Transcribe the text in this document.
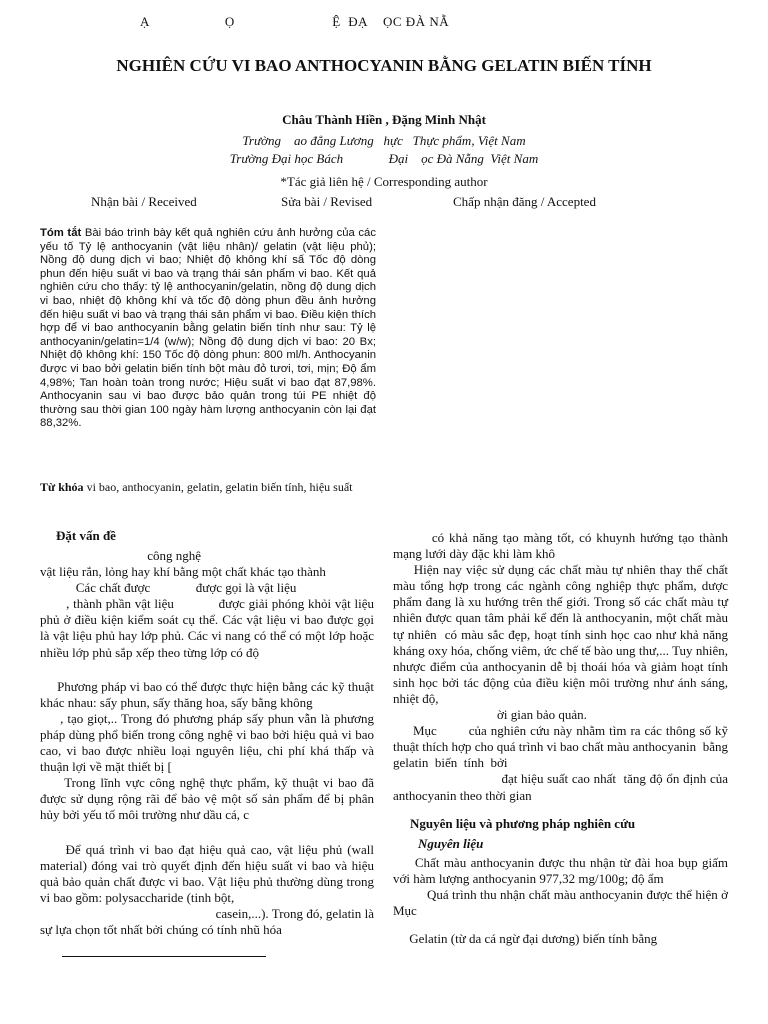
Ạ                    Ọ                          Ệ  ĐẠ    ỌC ĐÀ NẴ
NGHIÊN CỨU VI BAO ANTHOCYANIN BẰNG GELATIN BIẾN TÍNH
Châu Thành Hiền , Đặng Minh Nhật
Trường    ao đẳng Lương   hực   Thực phẩm, Việt Nam
Trường Đại học Bách              Đại    ọc Đà Nẵng  Việt Nam
*Tác giả liên hệ / Corresponding author
Nhận bài / Received	Sửa bài / Revised	Chấp nhận đăng / Accepted
Tóm tắt Bài báo trình bày kết quả nghiên cứu ảnh hưởng của các yếu tố Tỷ lệ anthocyanin (vật liệu nhân)/ gelatin (vật liệu phủ); Nồng độ dung dịch vi bao; Nhiệt độ không khí sấ Tốc độ dòng phun đến hiệu suất vi bao và trạng thái sản phẩm vi bao. Kết quả nghiên cứu cho thấy: tỷ lệ anthocyanin/gelatin, nồng độ dung dịch vi bao, nhiệt độ không khí và tốc độ dòng phun đều ảnh hưởng đến hiệu suất vi bao và trạng thái sản phẩm vi bao. Điều kiện thích hợp để vi bao anthocyanin bằng gelatin biến tính như sau: Tỷ lệ anthocyanin/gelatin=1/4 (w/w); Nồng độ dung dịch vi bao: 20 Bx; Nhiệt độ không khí: 150 Tốc độ dòng phun: 800 ml/h. Anthocyanin được vi bao bởi gelatin biến tính bột màu đỏ tươi, tơi, mịn; Độ ẩm 4,98%; Tan hoàn toàn trong nước; Hiệu suất vi bao đạt 87,98%. Anthocyanin sau vi bao được bảo quản trong túi PE nhiệt độ thường sau thời gian 100 ngày hàm lượng anthocyanin còn lại đạt 88,32%.
Từ khóa vi bao, anthocyanin, gelatin, gelatin biến tính, hiệu suất
Đặt vấn đề

công nghệ
vật liệu rắn, lỏng hay khí bằng một chất khác tạo thành
Các chất được              được gọi là vật liệu
, thành phần vật liệu            được giải phóng khỏi vật liệu phủ ở điều kiện kiểm soát cụ thể. Các vật liệu vi bao được gọi là vật liệu phủ hay lớp phủ. Các vi nang có thể có một lớp hoặc nhiều lớp phủ sắp xếp theo từng lớp có độ

Phương pháp vi bao có thể được thực hiện bằng các kỹ thuật khác nhau: sấy phun, sấy thăng hoa, sấy bằng không
, tạo giọt,.. Trong đó phương pháp sấy phun vẫn là phương pháp dùng phổ biến trong công nghệ vi bao bởi hiệu quả vi bao cao, vi bao được nhiều loại nguyên liệu, chi phí khá thấp và thuận lợi về mặt thiết bị [

Trong lĩnh vực công nghệ thực phẩm, kỹ thuật vi bao đã được sử dụng rộng rãi để bảo vệ một số sản phẩm để bị phân hủy bởi yếu tố môi trường như dầu cá, c

Để quá trình vi bao đạt hiệu quả cao, vật liệu phủ (wall material) đóng vai trò quyết định đến hiệu suất vi bao và hiệu quả bảo quản chất được vi bao. Vật liệu phủ thường dùng trong vi bao gồm: polysaccharide (tinh bột,
casein,...). Trong đó, gelatin là sự lựa chọn tốt nhất bởi chúng có tính nhũ hóa

có khả năng tạo màng tốt, có khuynh hướng tạo thành mạng lưới dày đặc khi làm khô

Hiện nay việc sử dụng các chất màu tự nhiên thay thế chất màu tổng hợp trong các ngành công nghiệp thực phẩm, dược phẩm đang là xu hướng trên thế giới. Trong số các chất màu tự nhiên được quan tâm phải kể đến là anthocyanin, một chất màu tự nhiên  có màu sắc đẹp, hoạt tính sinh học cao như khả năng kháng oxy hóa, chống viêm, ức chế tế bào ung thư,... Tuy nhiên, nhược điểm của anthocyanin dễ bị thoái hóa và giảm hoạt tính sinh học bởi tác động của điều kiện môi trường như ánh sáng, nhiệt độ,
ời gian bảo quản.

Mục        của nghiên cứu này nhằm tìm ra các thông số kỹ thuật thích hợp cho quá trình vi bao chất màu anthocyanin  bằng  gelatin  biến  tính  bởi
đạt hiệu suất cao nhất  tăng độ ổn định của anthocyanin theo thời gian

Nguyên liệu và phương pháp nghiên cứu
Nguyên liệu

Chất màu anthocyanin được thu nhận từ đài hoa bụp giấm với hàm lượng anthocyanin 977,32 mg/100g; độ ẩm
Quá trình thu nhận chất màu anthocyanin được thể hiện ở Mục

Gelatin (từ da cá ngừ đại dương) biến tính bằng
